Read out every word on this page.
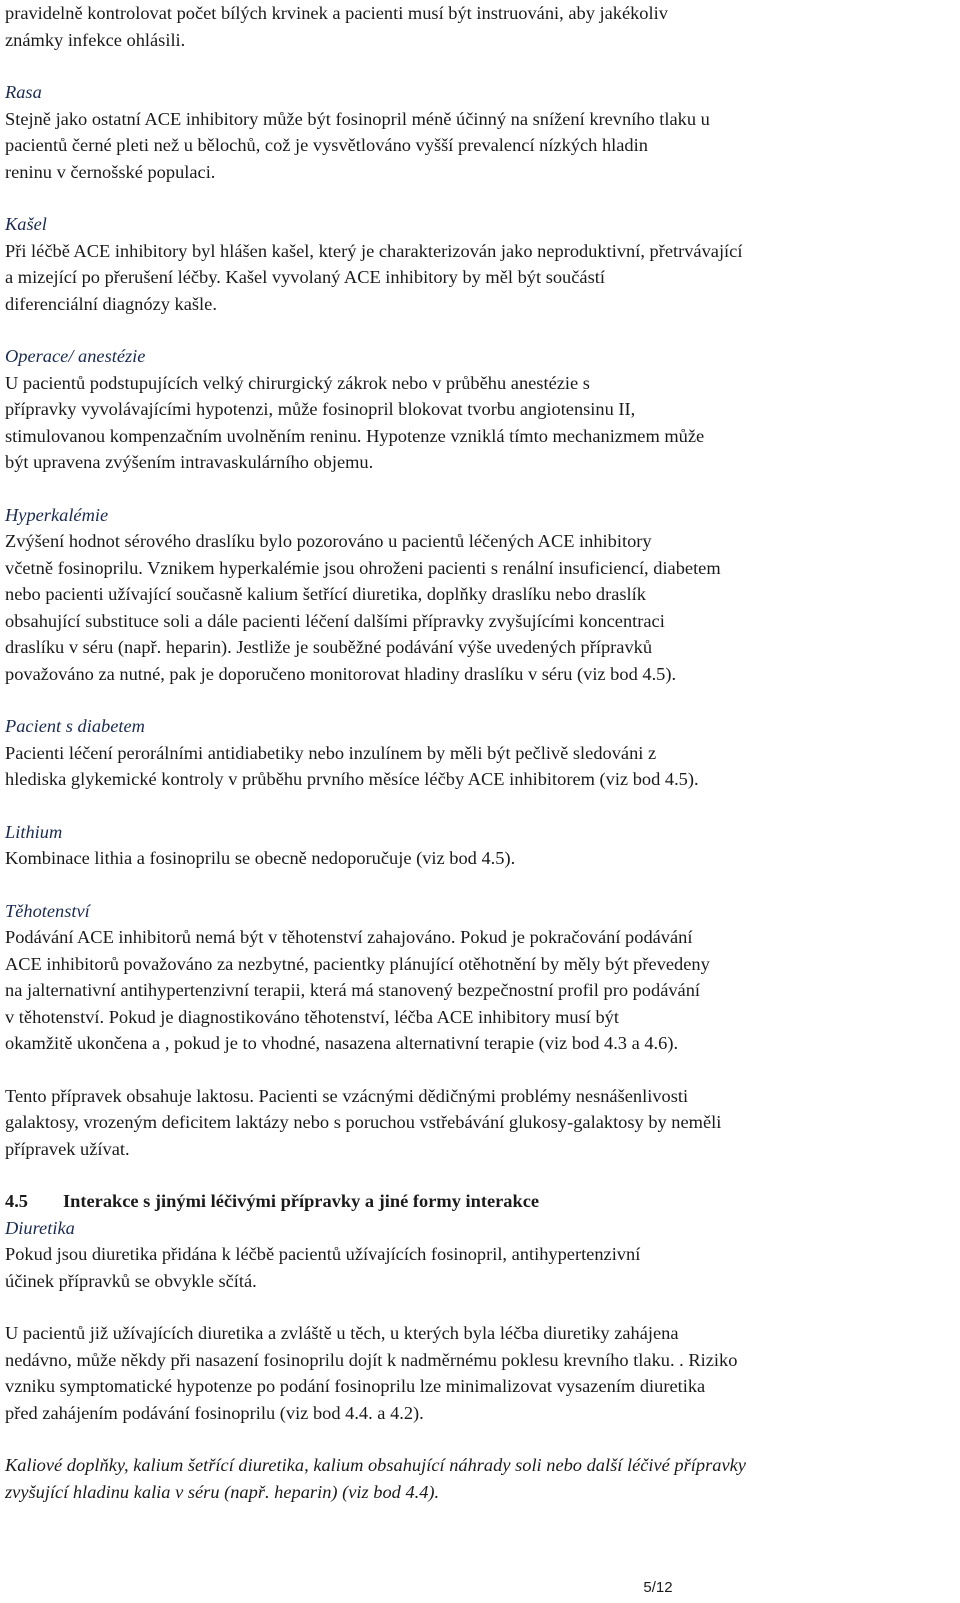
pravidelně kontrolovat počet bílých krvinek a pacienti musí být instruováni, aby jakékoliv
známky infekce ohlásili.
Rasa
Stejně jako ostatní ACE inhibitory může být fosinopril méně účinný na snížení krevního tlaku u
pacientů černé pleti než u bělochů, což je vysvětlováno vyšší prevalencí nízkých hladin
reninu v černošské populaci.
Kašel
Při léčbě ACE inhibitory byl hlášen kašel, který je charakterizován jako neproduktivní, přetrvávající
a mizející po přerušení léčby. Kašel vyvolaný ACE inhibitory by měl být součástí
diferenciální diagnózy kašle.
Operace/ anestézie
U pacientů podstupujících velký chirurgický zákrok nebo v průběhu anestézie s
přípravky vyvolávajícími hypotenzi, může fosinopril blokovat tvorbu angiotensinu II,
stimulovanou kompenzačním uvolněním reninu. Hypotenze vzniklá tímto mechanizmem může
být upravena zvýšením intravaskulárního objemu.
Hyperkalémie
Zvýšení hodnot sérového draslíku bylo pozorováno u pacientů léčených ACE inhibitory
včetně fosinoprilu. Vznikem hyperkalémie jsou ohroženi pacienti s renální insuficiencí, diabetem
nebo pacienti užívající současně kalium šetřící diuretika, doplňky draslíku nebo draslík
obsahující substituce soli a dále pacienti léčení dalšími přípravky zvyšujícími koncentraci
draslíku v séru (např. heparin). Jestliže je souběžné podávání výše uvedených přípravků
považováno za nutné, pak je doporučeno monitorovat hladiny draslíku v séru (viz bod 4.5).
Pacient s diabetem
Pacienti léčení perorálními antidiabetiky nebo inzulínem by měli být pečlivě sledováni z
hlediska glykemické kontroly v průběhu prvního měsíce léčby ACE inhibitorem (viz bod 4.5).
Lithium
Kombinace lithia a fosinoprilu se obecně nedoporučuje (viz bod 4.5).
Těhotenství
Podávání ACE inhibitorů nemá být v těhotenství zahajováno. Pokud je pokračování podávání
ACE inhibitorů považováno za nezbytné, pacientky plánující otěhotnění by měly být převedeny
na jalternativní antihypertenzivní terapii, která má stanovený bezpečnostní profil pro podávání
v těhotenství. Pokud je diagnostikováno těhotenství, léčba ACE inhibitory musí být
okamžitě ukončena a , pokud je to vhodné, nasazena alternativní terapie (viz bod 4.3 a 4.6).
Tento přípravek obsahuje laktosu. Pacienti se vzácnými dědičnými problémy nesnášenlivosti
galaktosy, vrozeným deficitem laktázy nebo s poruchou vstřebávání glukosy-galaktosy by neměli
přípravek užívat.
4.5 Interakce s jinými léčivými přípravky a jiné formy interakce
Diuretika
Pokud jsou diuretika přidána k léčbě pacientů užívajících fosinopril, antihypertenzivní
účinek přípravků se obvykle sčítá.
U pacientů již užívajících diuretika a zvláště u těch, u kterých byla léčba diuretiky zahájena
nedávno, může někdy při nasazení fosinoprilu dojít k nadměrnému poklesu krevního tlaku. . Riziko
vzniku symptomatické hypotenze po podání fosinoprilu lze minimalizovat vysazením diuretika
před zahájením podávání fosinoprilu (viz bod 4.4. a 4.2).
Kaliové doplňky, kalium šetřící diuretika, kalium obsahující náhrady soli nebo další léčivé přípravky
zvyšující hladinu kalia v séru (např. heparin) (viz bod 4.4).
5/12
